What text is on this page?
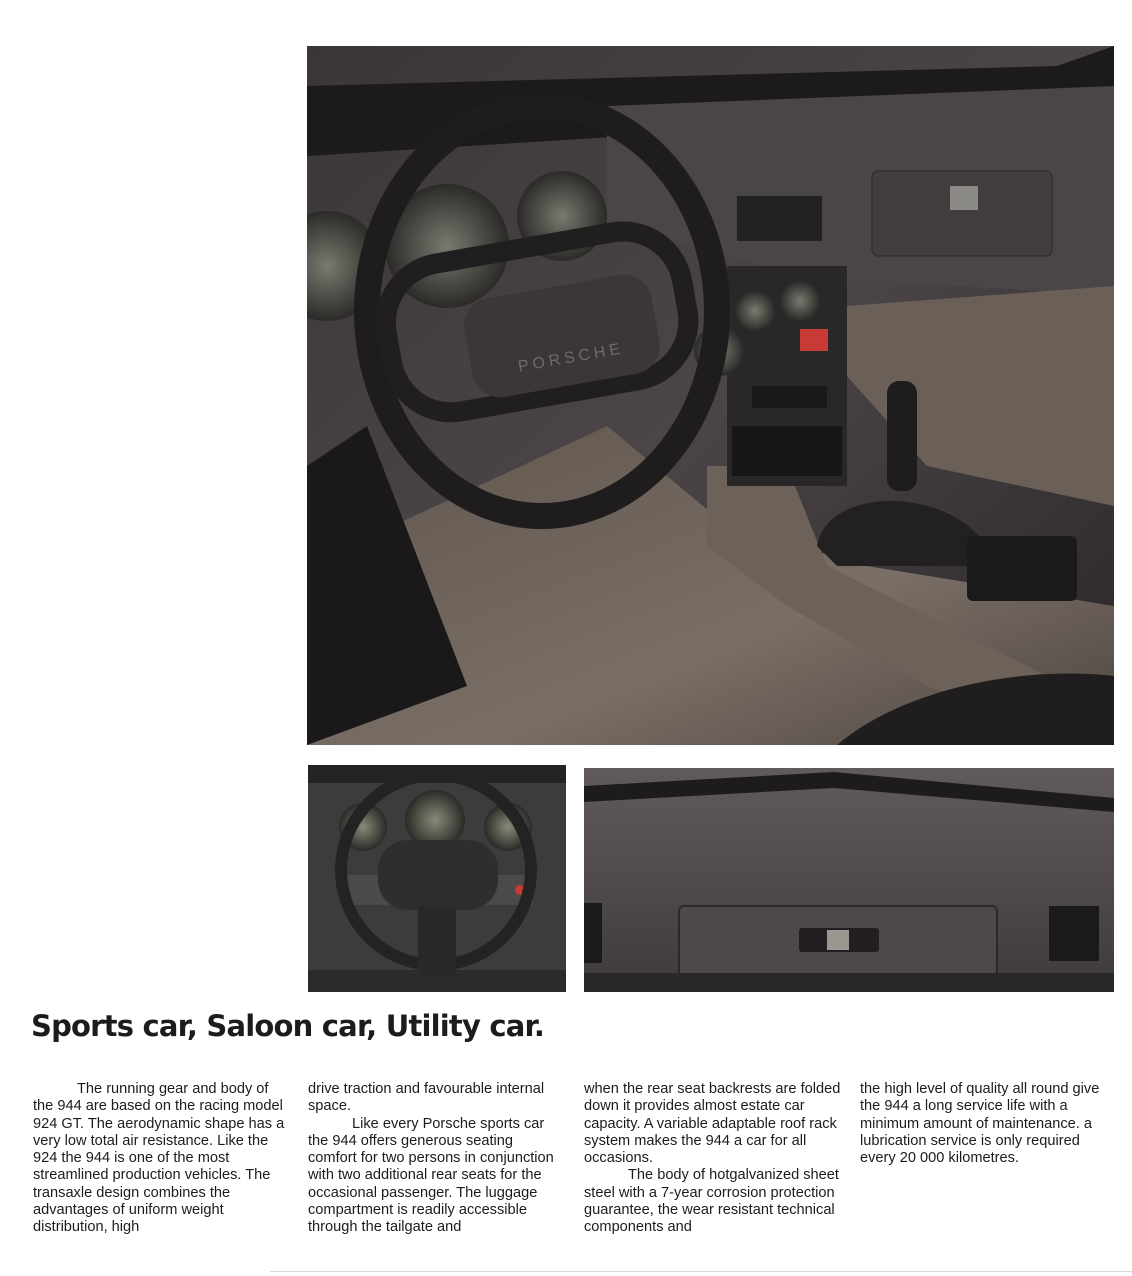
PORSCHE
Sports car, Saloon car, Utility car.

The running gear and body of the 944 are based on the racing model 924 GT. The aerodynamic shape has a very low total air resistance. Like the 924 the 944 is one of the most streamlined production vehicles. The transaxle design combines the advantages of uniform weight distribution, high

drive traction and favourable internal space.

Like every Porsche sports car the 944 offers generous seating comfort for two persons in conjunction with two additional rear seats for the occasional passenger. The luggage compartment is readily accessible through the tailgate and

when the rear seat backrests are folded down it provides almost estate car capacity. A variable adaptable roof rack system makes the 944 a car for all occasions.

The body of hotgalvanized sheet steel with a 7-year corrosion protection guarantee, the wear resistant technical components and

the high level of quality all round give the 944 a long service life with a minimum amount of maintenance. a lubrication service is only required every 20 000 kilometres.
